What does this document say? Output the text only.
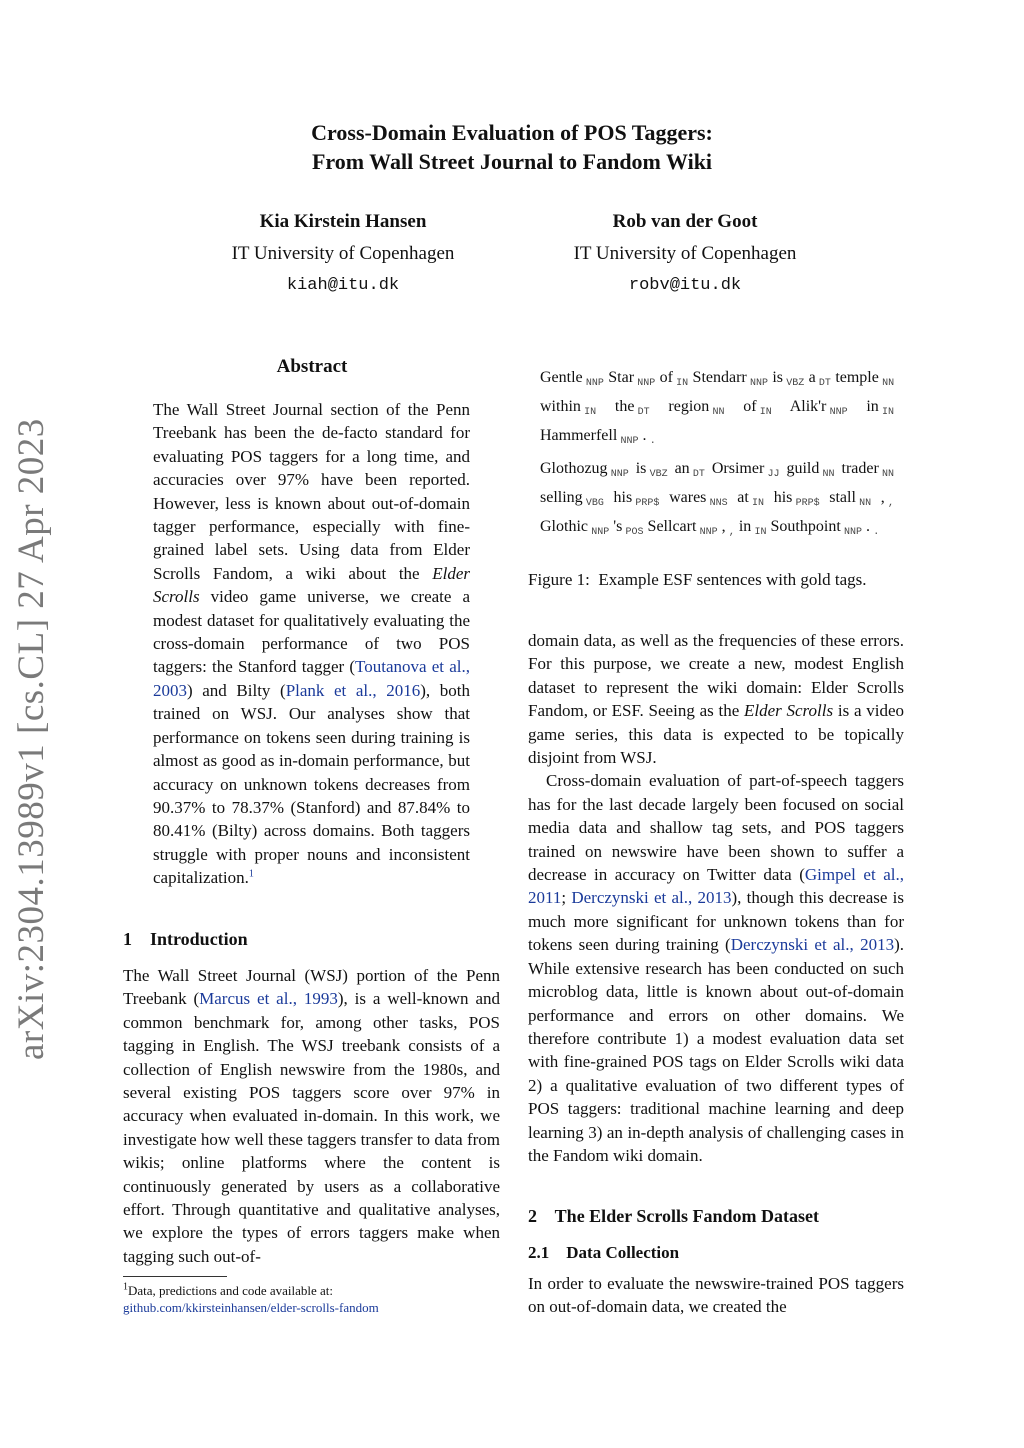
arXiv:2304.13989v1 [cs.CL] 27 Apr 2023
Cross-Domain Evaluation of POS Taggers:
From Wall Street Journal to Fandom Wiki
Kia Kirstein Hansen
IT University of Copenhagen
kiah@itu.dk
Rob van der Goot
IT University of Copenhagen
robv@itu.dk
Abstract
The Wall Street Journal section of the Penn Treebank has been the de-facto standard for evaluating POS taggers for a long time, and accuracies over 97% have been reported. However, less is known about out-of-domain tagger performance, especially with fine-grained label sets. Using data from Elder Scrolls Fandom, a wiki about the Elder Scrolls video game universe, we create a modest dataset for qualitatively evaluating the cross-domain performance of two POS taggers: the Stanford tagger (Toutanova et al., 2003) and Bilty (Plank et al., 2016), both trained on WSJ. Our analyses show that performance on tokens seen during training is almost as good as in-domain performance, but accuracy on unknown tokens decreases from 90.37% to 78.37% (Stanford) and 87.84% to 80.41% (Bilty) across domains. Both taggers struggle with proper nouns and inconsistent capitalization.$^1$
1    Introduction
The Wall Street Journal (WSJ) portion of the Penn Treebank (Marcus et al., 1993), is a well-known and common benchmark for, among other tasks, POS tagging in English. The WSJ treebank consists of a collection of English newswire from the 1980s, and several existing POS taggers score over 97% in accuracy when evaluated in-domain. In this work, we investigate how well these taggers transfer to data from wikis; online platforms where the content is continuously generated by users as a collaborative effort. Through quantitative and qualitative analyses, we explore the types of errors taggers make when tagging such out-of-
$^1$Data, predictions and code available at:
github.com/kkirsteinhansen/elder-scrolls-fandom
Gentle  NNP Star  NNP of  IN Stendarr  NNP is  VBZ a  DT temple  NN within  IN the  DT region  NN of  IN Alik'r  NNP in  IN Hammerfell  NNP .  .
Glothozug  NNP is  VBZ an  DT Orsimer  JJ guild  NN trader  NN selling  VBG his  PRP$ wares  NNS at  IN his  PRP$ stall  NN ,  , Glothic  NNP 's  POS Sellcart  NNP ,  , in  IN Southpoint  NNP .  .
Figure 1:  Example ESF sentences with gold tags.
domain data, as well as the frequencies of these errors. For this purpose, we create a new, modest English dataset to represent the wiki domain: Elder Scrolls Fandom, or ESF. Seeing as the Elder Scrolls is a video game series, this data is expected to be topically disjoint from WSJ.
Cross-domain evaluation of part-of-speech taggers has for the last decade largely been focused on social media data and shallow tag sets, and POS taggers trained on newswire have been shown to suffer a decrease in accuracy on Twitter data (Gimpel et al., 2011; Derczynski et al., 2013), though this decrease is much more significant for unknown tokens than for tokens seen during training (Derczynski et al., 2013). While extensive research has been conducted on such microblog data, little is known about out-of-domain performance and errors on other domains. We therefore contribute 1) a modest evaluation data set with fine-grained POS tags on Elder Scrolls wiki data 2) a qualitative evaluation of two different types of POS taggers: traditional machine learning and deep learning 3) an in-depth analysis of challenging cases in the Fandom wiki domain.
2    The Elder Scrolls Fandom Dataset
2.1    Data Collection
In order to evaluate the newswire-trained POS taggers on out-of-domain data, we created the
